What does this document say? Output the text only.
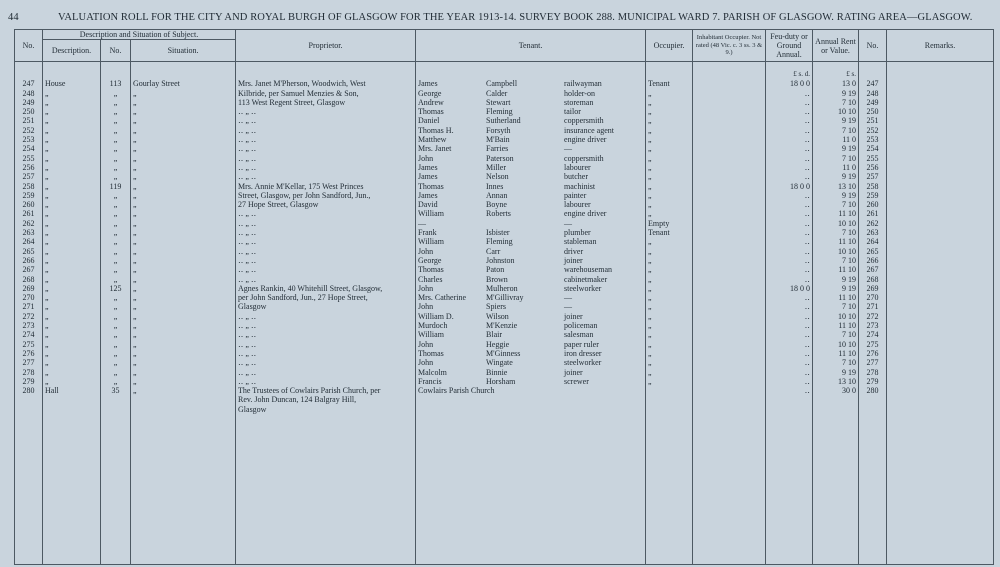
44	VALUATION ROLL FOR THE CITY AND ROYAL BURGH OF GLASGOW FOR THE YEAR 1913-14. SURVEY BOOK 288. MUNICIPAL WARD 7. PARISH OF GLASGOW. RATING AREA—GLASGOW.
No.	Description and Situation of Subject.			Proprietor.	Tenant.	Occupier.	Inhabitant Occupier. Not rated (48 Vic. c. 3 ss. 3 & 9.)	Feu-duty or Ground Annual.	Annual Rent or Value.	No.	Remarks.
	Description.	No.	Situation.								
								£ s. d.	£ s.		
247	House	113	Gourlay Street	Mrs. Janet M'Pherson, Woodwich, West	James Campbell railwayman	Tenant		18 0 0	13 0	247	
248	„	„	„	Kilbride, per Samuel Menzies & Son,	George Calder holder-on	„		‥	9 19	248	
249	„	„	„	113 West Regent Street, Glasgow	Andrew Stewart storeman	„		‥	7 10	249	
250	„	„	„	‥ „ ‥	Thomas Fleming tailor	„		‥	10 10	250	
251	„	„	„	‥ „ ‥	Daniel Sutherland coppersmith	„		‥	9 19	251	
252	„	„	„	‥ „ ‥	Thomas H. Forsyth insurance agent	„		‥	7 10	252	
253	„	„	„	‥ „ ‥	Matthew M'Bain engine driver	„		‥	11 0	253	
254	„	„	„	‥ „ ‥	Mrs. Janet Farries —	„		‥	9 19	254	
255	„	„	„	‥ „ ‥	John Paterson coppersmith	„		‥	7 10	255	
256	„	„	„	‥ „ ‥	James Miller labourer	„		‥	11 0	256	
257	„	„	„	‥ „ ‥	James Nelson butcher	„		‥	9 19	257	
258	„	119	„	Mrs. Annie M'Kellar, 175 West Princes	Thomas Innes machinist	„		18 0 0	13 10	258	
259	„	„	„	Street, Glasgow, per John Sandford, Jun.,	James Annan painter	„		‥	9 19	259	
260	„	„	„	27 Hope Street, Glasgow	David Boyne labourer	„		‥	7 10	260	
261	„	„	„	‥ „ ‥	William Roberts engine driver	„		‥	11 10	261	
262	„	„	„	‥ „ ‥	— —	Empty		‥	10 10	262	
263	„	„	„	‥ „ ‥	Frank Isbister plumber	Tenant		‥	7 10	263	
264	„	„	„	‥ „ ‥	William Fleming stableman	„		‥	11 10	264	
265	„	„	„	‥ „ ‥	John Carr driver	„		‥	10 10	265	
266	„	„	„	‥ „ ‥	George Johnston joiner	„		‥	7 10	266	
267	„	„	„	‥ „ ‥	Thomas Paton warehouseman	„		‥	11 10	267	
268	„	„	„	‥ „ ‥	Charles Brown cabinetmaker	„		‥	9 19	268	
269	„	125	„	Agnes Rankin, 40 Whitehill Street, Glasgow,	John Mulheron steelworker	„		18 0 0	9 19	269	
270	„	„	„	per John Sandford, Jun., 27 Hope Street,	Mrs. Catherine M'Gillivray —	„		‥	11 10	270	
271	„	„	„	Glasgow	John Spiers —	„		‥	7 10	271	
272	„	„	„	‥ „ ‥	William D. Wilson joiner	„		‥	10 10	272	
273	„	„	„	‥ „ ‥	Murdoch M'Kenzie policeman	„		‥	11 10	273	
274	„	„	„	‥ „ ‥	William Blair salesman	„		‥	7 10	274	
275	„	„	„	‥ „ ‥	John Heggie paper ruler	„		‥	10 10	275	
276	„	„	„	‥ „ ‥	Thomas M'Ginness iron dresser	„		‥	11 10	276	
277	„	„	„	‥ „ ‥	John Wingate steelworker	„		‥	7 10	277	
278	„	„	„	‥ „ ‥	Malcolm Binnie joiner	„		‥	9 19	278	
279	„	„	„	‥ „ ‥	Francis Horsham screwer	„		‥	13 10	279	
280	Hall	35	„	The Trustees of Cowlairs Parish Church, per	Cowlairs Parish Church			‥	30 0	280	
				Rev. John Duncan, 124 Balgray Hill,	

				Glasgow	
